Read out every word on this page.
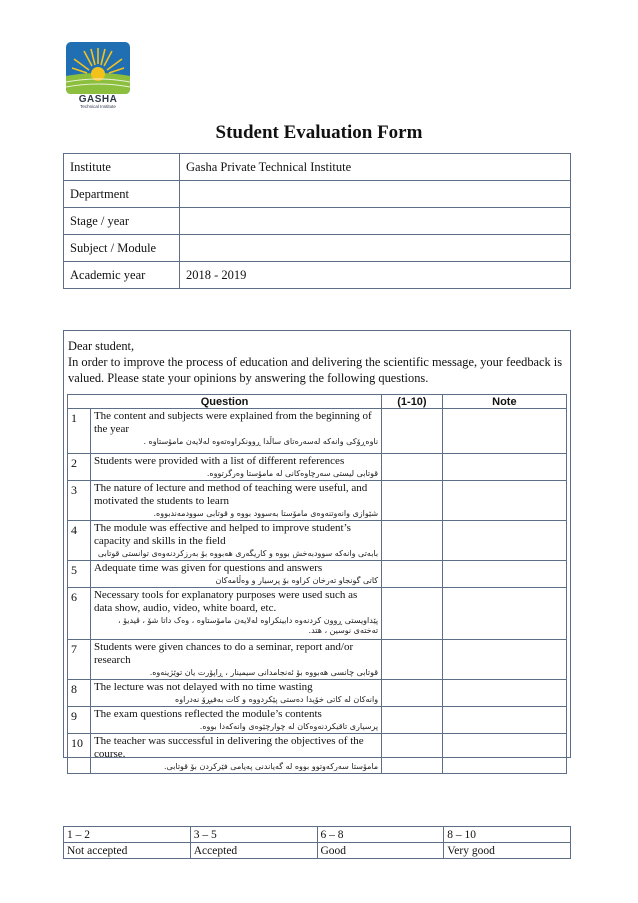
GASHA
Technical Institute
Student Evaluation Form
Institute	Gasha Private Technical Institute
Department	
Stage / year	
Subject / Module	
Academic year	2018 - 2019
Dear student,
In order to improve the process of education and delivering the scientific message, your feedback is valued. Please state your opinions by answering the following questions.
Question		(1-10)	Note
1	The content and subjects were explained from the beginning of the year
ناوەڕۆکی وانەکە لەسەرەتای ساڵدا ڕوونکراوەتەوە لەلایەن مامۆستاوە .		

2	Students were provided with a list of different references
قوتابی لیستی سەرچاوەکانی لە مامۆستا وەرگرتووە.		

3	The nature of lecture and method of teaching were useful, and motivated the students to learn
شێوازی وانەوتنەوەی مامۆستا بەسوود بووە و قوتابی سوودمەندبووە.		

4	The module was effective and helped to improve student’s capacity and skills in the field
بابەتی وانەکە سوودبەخش بووە و کاریگەری هەبووە بۆ بەرزکردنەوەی توانستی قوتابی		

5	Adequate time was given for questions and answers
کاتی گونجاو تەرخان کراوە بۆ پرسیار و وەڵامەکان		

6	Necessary tools for explanatory purposes were used such as data show, audio, video, white board, etc.
پێداویستی ڕوون کردنەوە دابینکراوە لەلایەن مامۆستاوە ، وەک داتا شۆ ، ڤیدیۆ ، تەختەی نوسین ، هتد.		

7	Students were given chances to do a seminar, report and/or research
قوتابی چانسی هەبووە بۆ ئەنجامدانی سیمینار ، ڕاپۆرت یان توێژینەوە.		

8	The lecture was not delayed with no time wasting
وانەکان لە کاتی خۆیدا دەستی پێکردووە و کات بەفیڕۆ نەدراوە		

9	The exam questions reflected the module’s contents
پرسیاری تاقیکردنەوەکان لە چوارچێوەی وانەکەدا بووە.		

10	The teacher was successful in delivering the objectives of the course.
مامۆستا سەرکەوتوو بووە لە گەیاندنی پەیامی فێرکردن بۆ قوتابی.		

1 – 2	3 – 5	6 – 8	8 – 10
Not accepted	Accepted	Good	Very good
